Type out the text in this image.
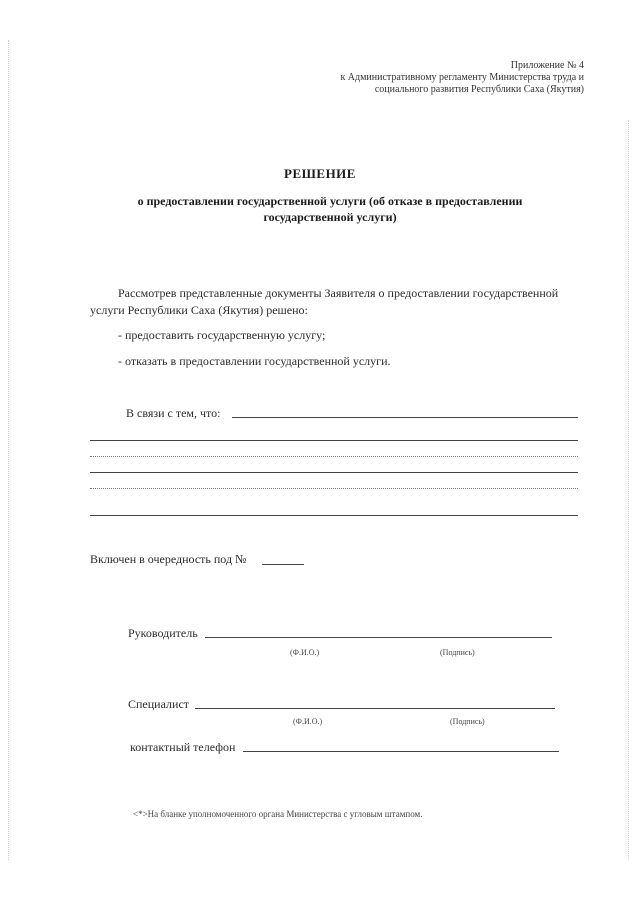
Приложение № 4
к Административному регламенту Министерства труда и
социального развития Республики Саха (Якутия)
РЕШЕНИЕ
о предоставлении государственной услуги (об отказе в предоставлении
государственной услуги)
Рассмотрев представленные документы Заявителя о предоставлении государственной
услуги Республики Саха (Якутия) решено:
- предоставить государственную услугу;
- отказать в предоставлении государственной услуги.
В связи с тем, что:
Включен в очередность под №
Руководитель
(Ф.И.О.)	(Подпись)
Специалист
(Ф.И.О.)	(Подпись)
контактный телефон
<*>На бланке уполномоченного органа Министерства с угловым штампом.
